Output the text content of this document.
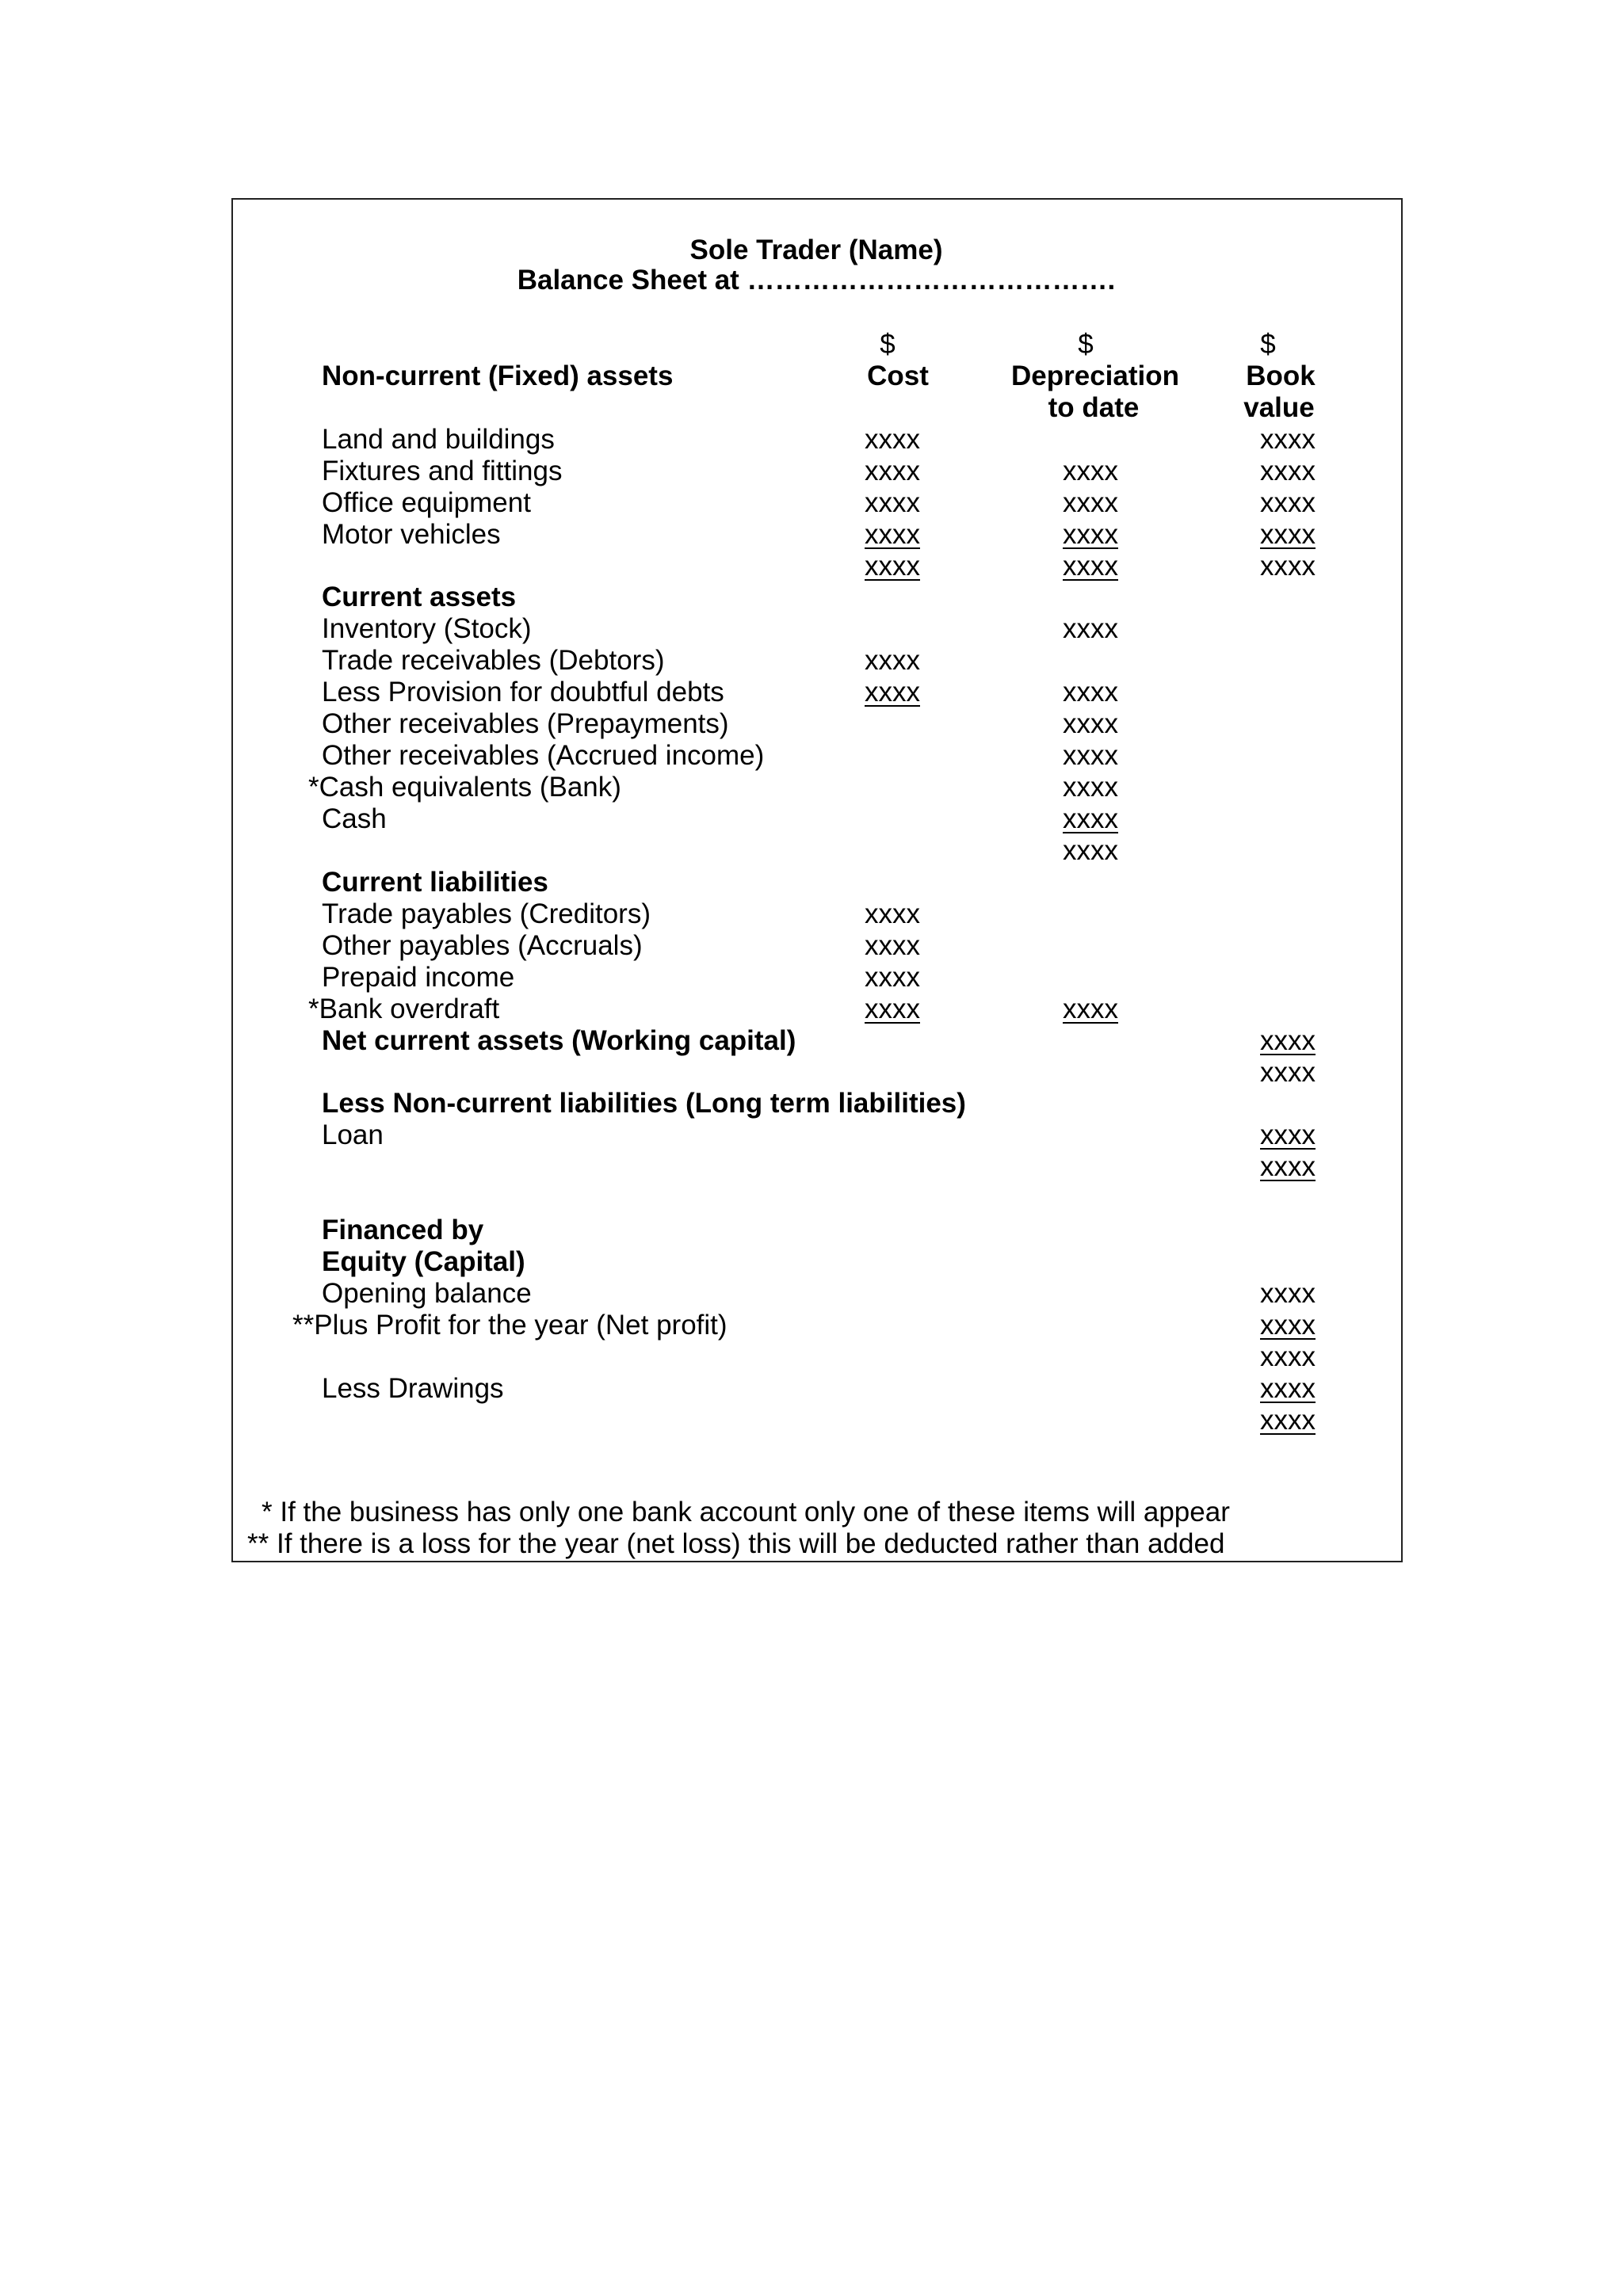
Sole Trader (Name)
Balance Sheet at ………………………………….
$
Cost
$
Depreciation
to date
$
Book
value
Non-current (Fixed) assets
Current assets
Current liabilities
Net current assets (Working capital)
Less Non-current liabilities (Long term liabilities)
Financed by
Equity (Capital)
Land and buildings
Fixtures and fittings
Office equipment
Motor vehicles
Inventory (Stock)
Trade receivables (Debtors)
Less Provision for doubtful debts
Other receivables (Prepayments)
Other receivables (Accrued income)
*Cash equivalents (Bank)
Cash
Trade payables (Creditors)
Other payables (Accruals)
Prepaid income
*Bank overdraft
Loan
Opening balance
**Plus Profit for the year (Net profit)
Less Drawings
xxxx
xxxx
xxxx
xxxx
xxxx
xxxx
xxxx
xxxx
xxxx
xxxx
xxxx
xxxx
xxxx
xxxx
xxxx
xxxx
xxxx
xxxx
xxxx
xxxx
xxxx
xxxx
xxxx
xxxx
xxxx
xxxx
xxxx
xxxx
xxxx
xxxx
xxxx
xxxx
xxxx
xxxx
xxxx
xxxx
xxxx
* If the business has only one bank account only one of these items will appear
** If there is a loss for the year (net loss) this will be deducted rather than added
